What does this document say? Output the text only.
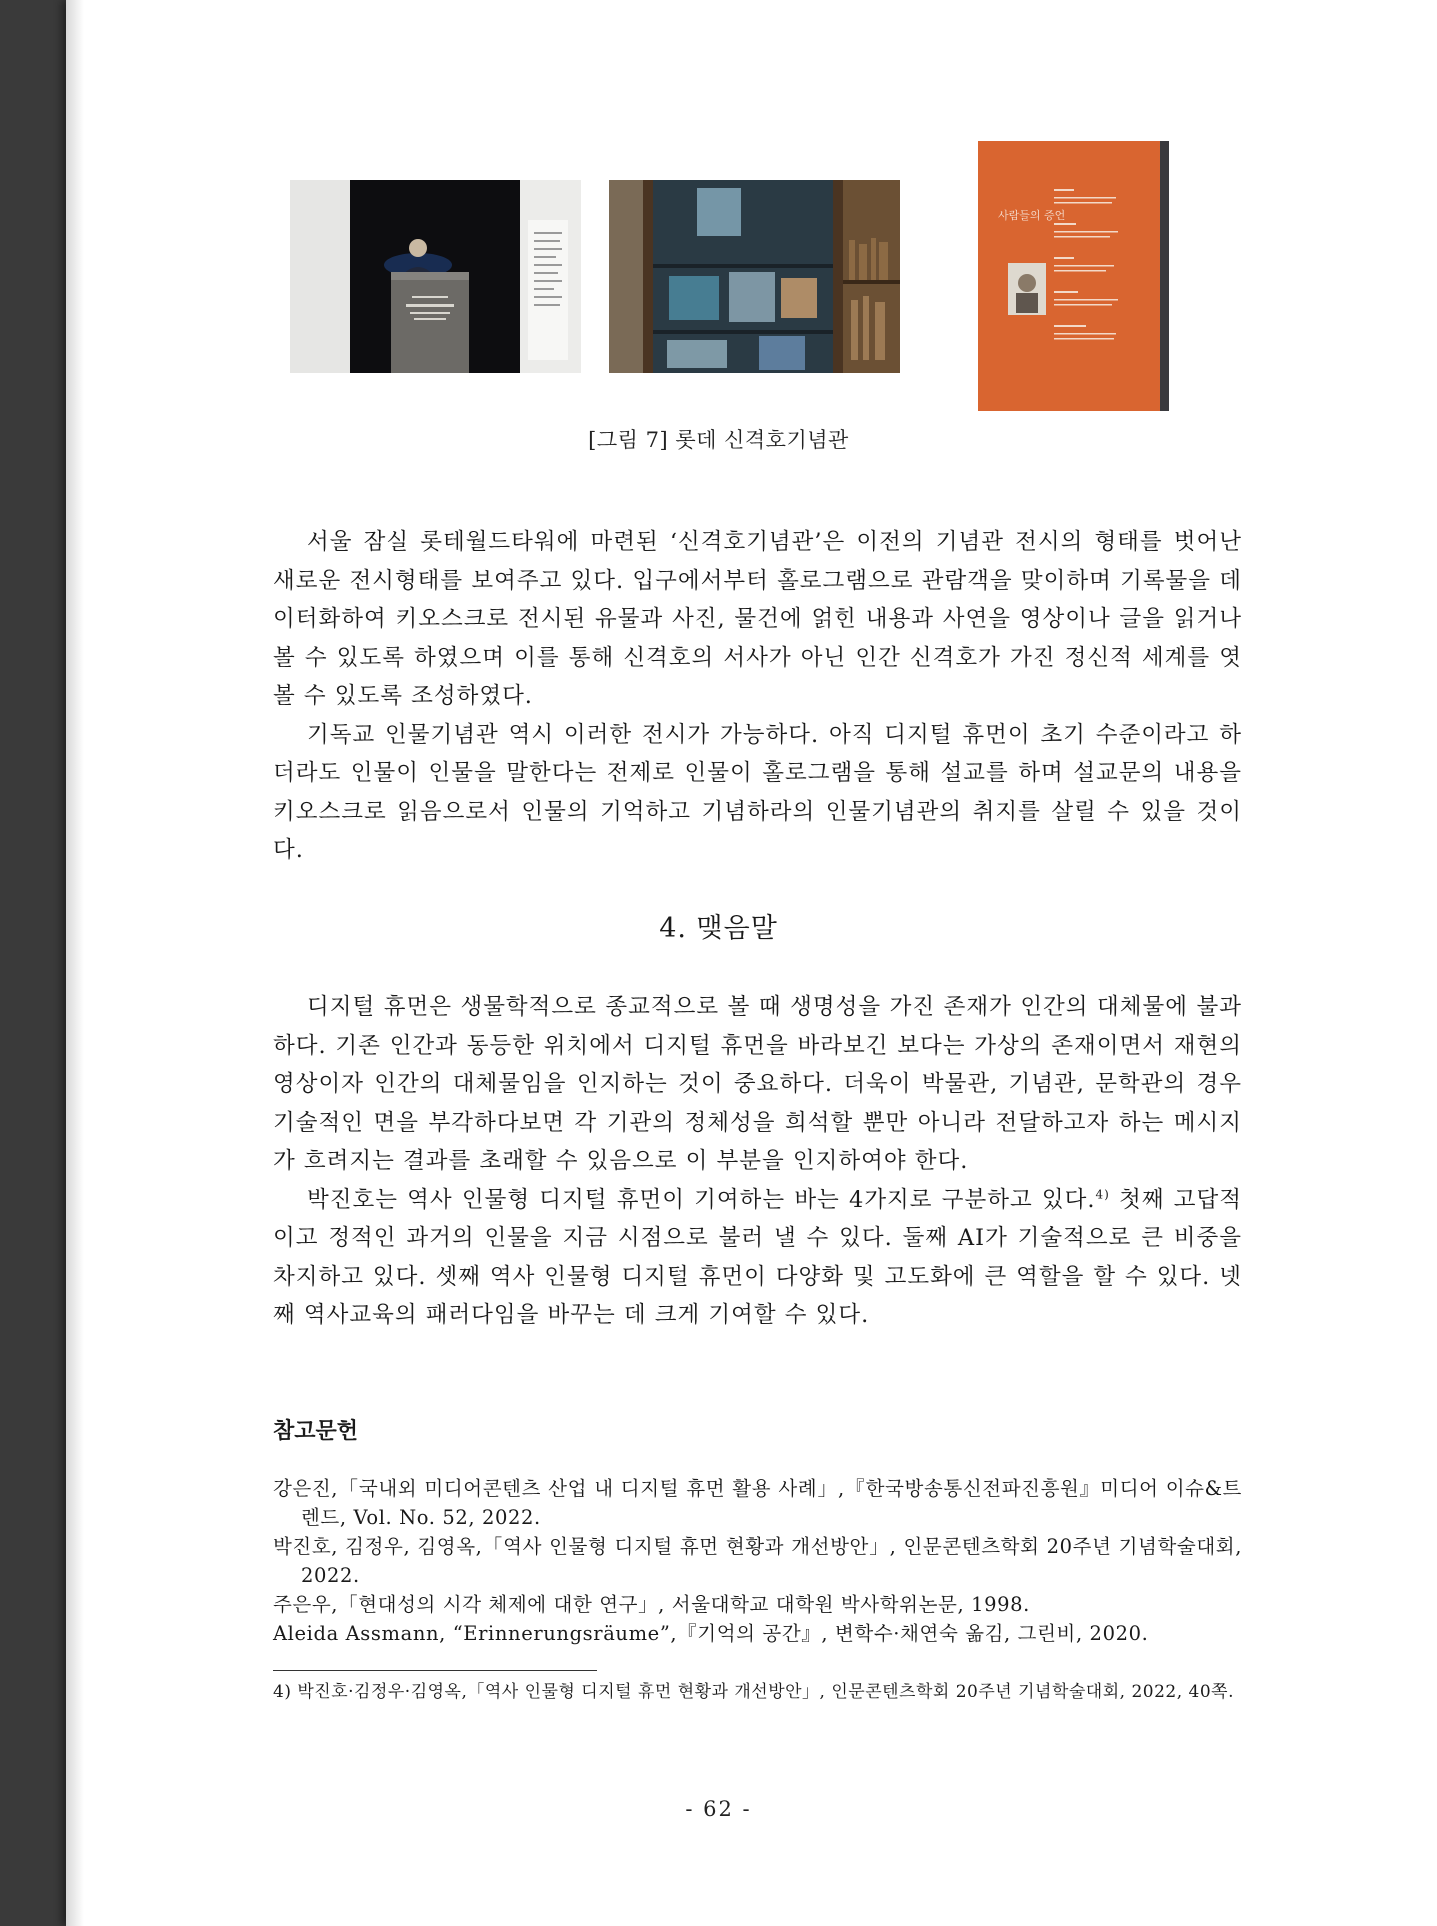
사람들의 증언
[그림 7] 롯데 신격호기념관

서울 잠실 롯테월드타워에 마련된 ‘신격호기념관’은 이전의 기념관 전시의 형태를 벗어난 새로운 전시형태를 보여주고 있다. 입구에서부터 홀로그램으로 관람객을 맞이하며 기록물을 데이터화하여 키오스크로 전시된 유물과 사진, 물건에 얽힌 내용과 사연을 영상이나 글을 읽거나 볼 수 있도록 하였으며 이를 통해 신격호의 서사가 아닌 인간 신격호가 가진 정신적 세계를 엿 볼 수 있도록 조성하였다.

기독교 인물기념관 역시 이러한 전시가 가능하다. 아직 디지털 휴먼이 초기 수준이라고 하더라도 인물이 인물을 말한다는 전제로 인물이 홀로그램을 통해 설교를 하며 설교문의 내용을 키오스크로 읽음으로서 인물의 기억하고 기념하라의 인물기념관의 취지를 살릴 수 있을 것이다.

4. 맺음말

디지털 휴먼은 생물학적으로 종교적으로 볼 때 생명성을 가진 존재가 인간의 대체물에 불과하다. 기존 인간과 동등한 위치에서 디지털 휴먼을 바라보긴 보다는 가상의 존재이면서 재현의 영상이자 인간의 대체물임을 인지하는 것이 중요하다. 더욱이 박물관, 기념관, 문학관의 경우 기술적인 면을 부각하다보면 각 기관의 정체성을 희석할 뿐만 아니라 전달하고자 하는 메시지가 흐려지는 결과를 초래할 수 있음으로 이 부분을 인지하여야 한다.

박진호는 역사 인물형 디지털 휴먼이 기여하는 바는 4가지로 구분하고 있다.$^{4)}$ 첫째 고답적이고 정적인 과거의 인물을 지금 시점으로 불러 낼 수 있다. 둘째 AI가 기술적으로 큰 비중을 차지하고 있다. 셋째 역사 인물형 디지털 휴먼이 다양화 및 고도화에 큰 역할을 할 수 있다. 넷째 역사교육의 패러다임을 바꾸는 데 크게 기여할 수 있다.

참고문헌
강은진,「국내외 미디어콘텐츠 산업 내 디지털 휴먼 활용 사례」,『한국방송통신전파진흥원』미디어 이슈&트렌드, Vol. No. 52, 2022.
박진호, 김정우, 김영옥,「역사 인물형 디지털 휴먼 현황과 개선방안」, 인문콘텐츠학회 20주년 기념학술대회, 2022.
주은우,「현대성의 시각 체제에 대한 연구」, 서울대학교 대학원 박사학위논문, 1998.
Aleida Assmann, “Erinnerungsräume”,『기억의 공간』, 변학수·채연숙 옮김, 그린비, 2020.
4) 박진호·김정우·김영옥,「역사 인물형 디지털 휴먼 현황과 개선방안」, 인문콘텐츠학회 20주년 기념학술대회, 2022, 40쪽.
- 62 -
